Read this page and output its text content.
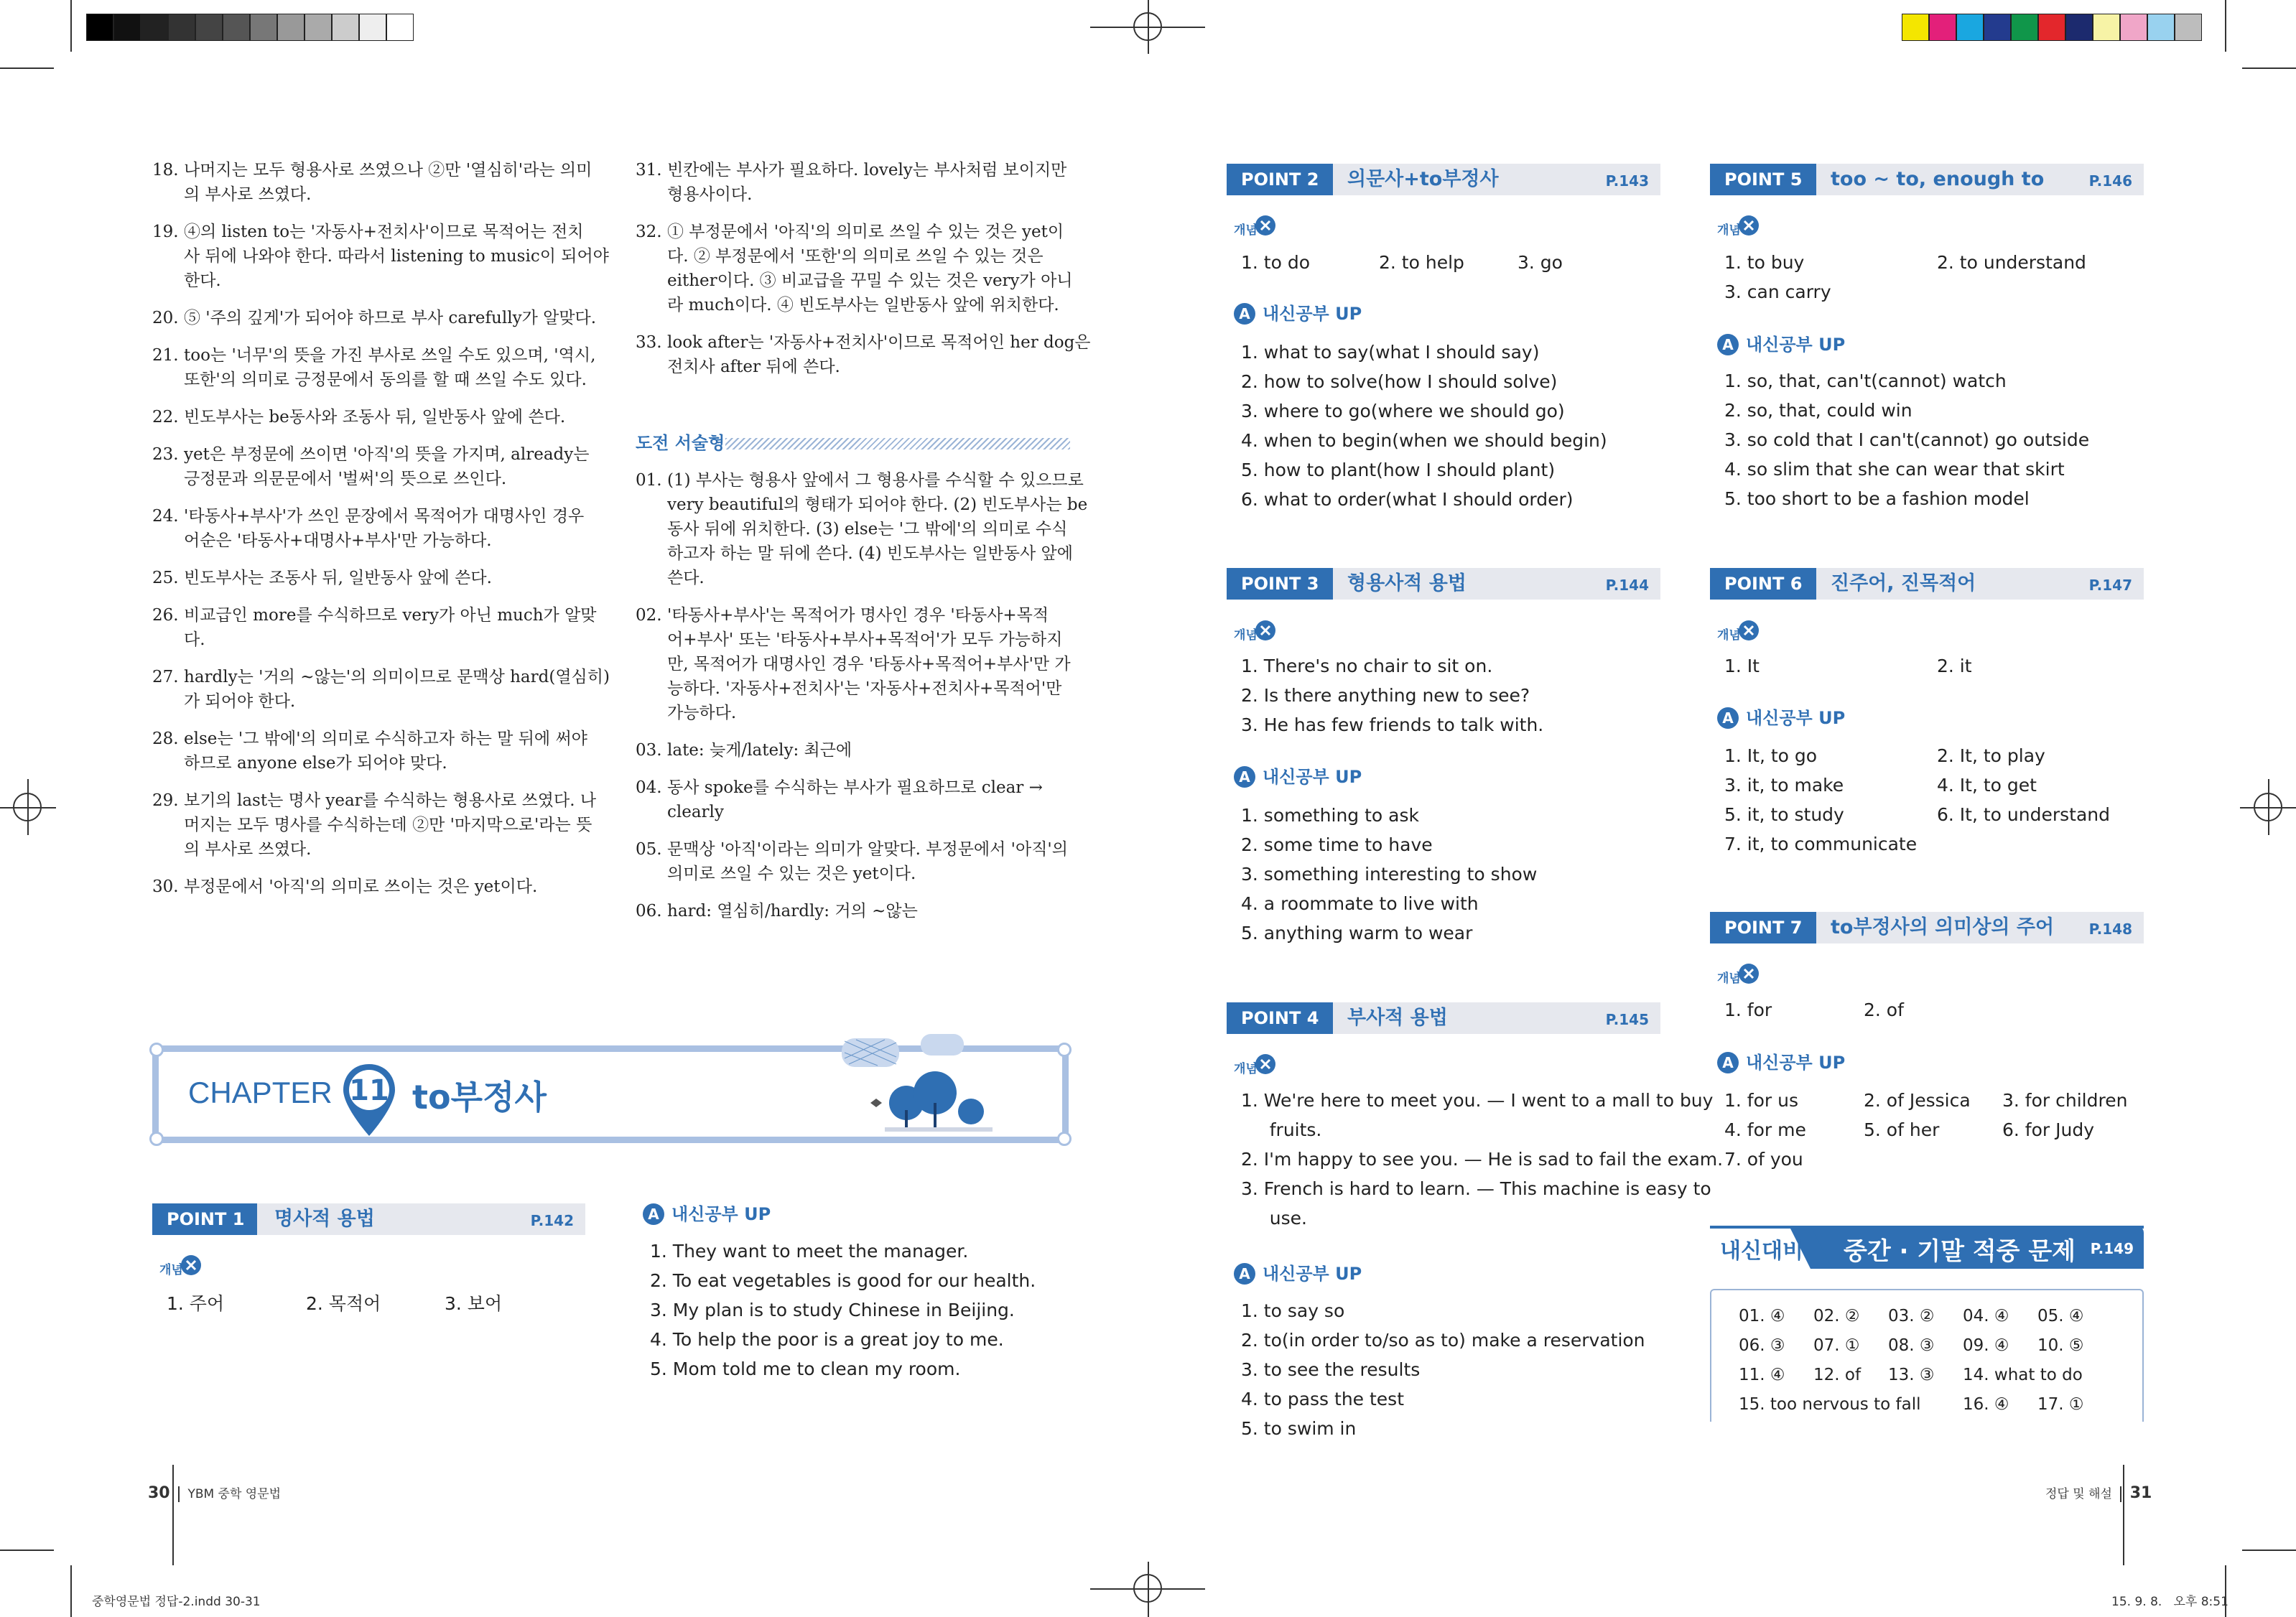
18. 나머지는 모두 형용사로 쓰였으나 ②만 '열심히'라는 의미
의 부사로 쓰였다.
19. ④의 listen to는 '자동사+전치사'이므로 목적어는 전치
사 뒤에 나와야 한다. 따라서 listening to music이 되어야
한다.
20. ⑤ '주의 깊게'가 되어야 하므로 부사 carefully가 알맞다.
21. too는 '너무'의 뜻을 가진 부사로 쓰일 수도 있으며, '역시,
또한'의 의미로 긍정문에서 동의를 할 때 쓰일 수도 있다.
22. 빈도부사는 be동사와 조동사 뒤, 일반동사 앞에 쓴다.
23. yet은 부정문에 쓰이면 '아직'의 뜻을 가지며, already는
긍정문과 의문문에서 '벌써'의 뜻으로 쓰인다.
24. '타동사+부사'가 쓰인 문장에서 목적어가 대명사인 경우
어순은 '타동사+대명사+부사'만 가능하다.
25. 빈도부사는 조동사 뒤, 일반동사 앞에 쓴다.
26. 비교급인 more를 수식하므로 very가 아닌 much가 알맞
다.
27. hardly는 '거의 ~않는'의 의미이므로 문맥상 hard(열심히)
가 되어야 한다.
28. else는 '그 밖에'의 의미로 수식하고자 하는 말 뒤에 써야
하므로 anyone else가 되어야 맞다.
29. 보기의 last는 명사 year를 수식하는 형용사로 쓰였다. 나
머지는 모두 명사를 수식하는데 ②만 '마지막으로'라는 뜻
의 부사로 쓰였다.
30. 부정문에서 '아직'의 의미로 쓰이는 것은 yet이다.
31. 빈칸에는 부사가 필요하다. lovely는 부사처럼 보이지만
형용사이다.
32. ① 부정문에서 '아직'의 의미로 쓰일 수 있는 것은 yet이
다. ② 부정문에서 '또한'의 의미로 쓰일 수 있는 것은
either이다. ③ 비교급을 꾸밀 수 있는 것은 very가 아니
라 much이다. ④ 빈도부사는 일반동사 앞에 위치한다.
33. look after는 '자동사+전치사'이므로 목적어인 her dog은
전치사 after 뒤에 쓴다.
도전 서술형
01. (1) 부사는 형용사 앞에서 그 형용사를 수식할 수 있으므로
very beautiful의 형태가 되어야 한다. (2) 빈도부사는 be
동사 뒤에 위치한다. (3) else는 '그 밖에'의 의미로 수식
하고자 하는 말 뒤에 쓴다. (4) 빈도부사는 일반동사 앞에
쓴다.
02. '타동사+부사'는 목적어가 명사인 경우 '타동사+목적
어+부사' 또는 '타동사+부사+목적어'가 모두 가능하지
만, 목적어가 대명사인 경우 '타동사+목적어+부사'만 가
능하다. '자동사+전치사'는 '자동사+전치사+목적어'만
가능하다.
03. late: 늦게/lately: 최근에
04. 동사 spoke를 수식하는 부사가 필요하므로 clear →
clearly
05. 문맥상 '아직'이라는 의미가 알맞다. 부정문에서 '아직'의
의미로 쓰일 수 있는 것은 yet이다.
06. hard: 열심히/hardly: 거의 ~않는
CHAPTER 11 to부정사
POINT 1	명사적 용법	P.142
개념
1. 주어	2. 목적어	3. 보어
A 내신공부 UP
1. They want to meet the manager.
2. To eat vegetables is good for our health.
3. My plan is to study Chinese in Beijing.
4. To help the poor is a great joy to me.
5. Mom told me to clean my room.
30 YBM 중학 영문법
중학영문법 정답-2.indd 30-31
POINT 2	의문사+to부정사	P.143
개념
1. to do	2. to help	3. go
A 내신공부 UP
1. what to say(what I should say)
2. how to solve(how I should solve)
3. where to go(where we should go)
4. when to begin(when we should begin)
5. how to plant(how I should plant)
6. what to order(what I should order)
POINT 3	형용사적 용법	P.144
개념
1. There's no chair to sit on.
2. Is there anything new to see?
3. He has few friends to talk with.
A 내신공부 UP
1. something to ask
2. some time to have
3. something interesting to show
4. a roommate to live with
5. anything warm to wear
POINT 4	부사적 용법	P.145
개념
1. We're here to meet you. — I went to a mall to buy
fruits.
2. I'm happy to see you. — He is sad to fail the exam.
3. French is hard to learn. — This machine is easy to
use.
A 내신공부 UP
1. to say so
2. to(in order to/so as to) make a reservation
3. to see the results
4. to pass the test
5. to swim in
POINT 5	too ~ to, enough to	P.146
개념
1. to buy	2. to understand
3. can carry
A 내신공부 UP
1. so, that, can't(cannot) watch
2. so, that, could win
3. so cold that I can't(cannot) go outside
4. so slim that she can wear that skirt
5. too short to be a fashion model
POINT 6	진주어, 진목적어	P.147
개념
1. It	2. it
A 내신공부 UP
1. It, to go	2. It, to play
3. it, to make	4. It, to get
5. it, to study	6. It, to understand
7. it, to communicate
POINT 7	to부정사의 의미상의 주어 P.148
개념
1. for	2. of
A 내신공부 UP
1. for us	2. of Jessica 3. for children
4. for me	5. of her	6. for Judy
7. of you
내신대비 중간 · 기말 적중 문제 P.149
01. ④ 02. ② 03. ② 04. ④ 05. ④
06. ③ 07. ① 08. ③ 09. ④ 10. ⑤
11. ④ 12. of 13. ③ 14. what to do
15. too nervous to fall	16. ④ 17. ①
정답 및 해설 31
15. 9. 8.   오후 8:51
